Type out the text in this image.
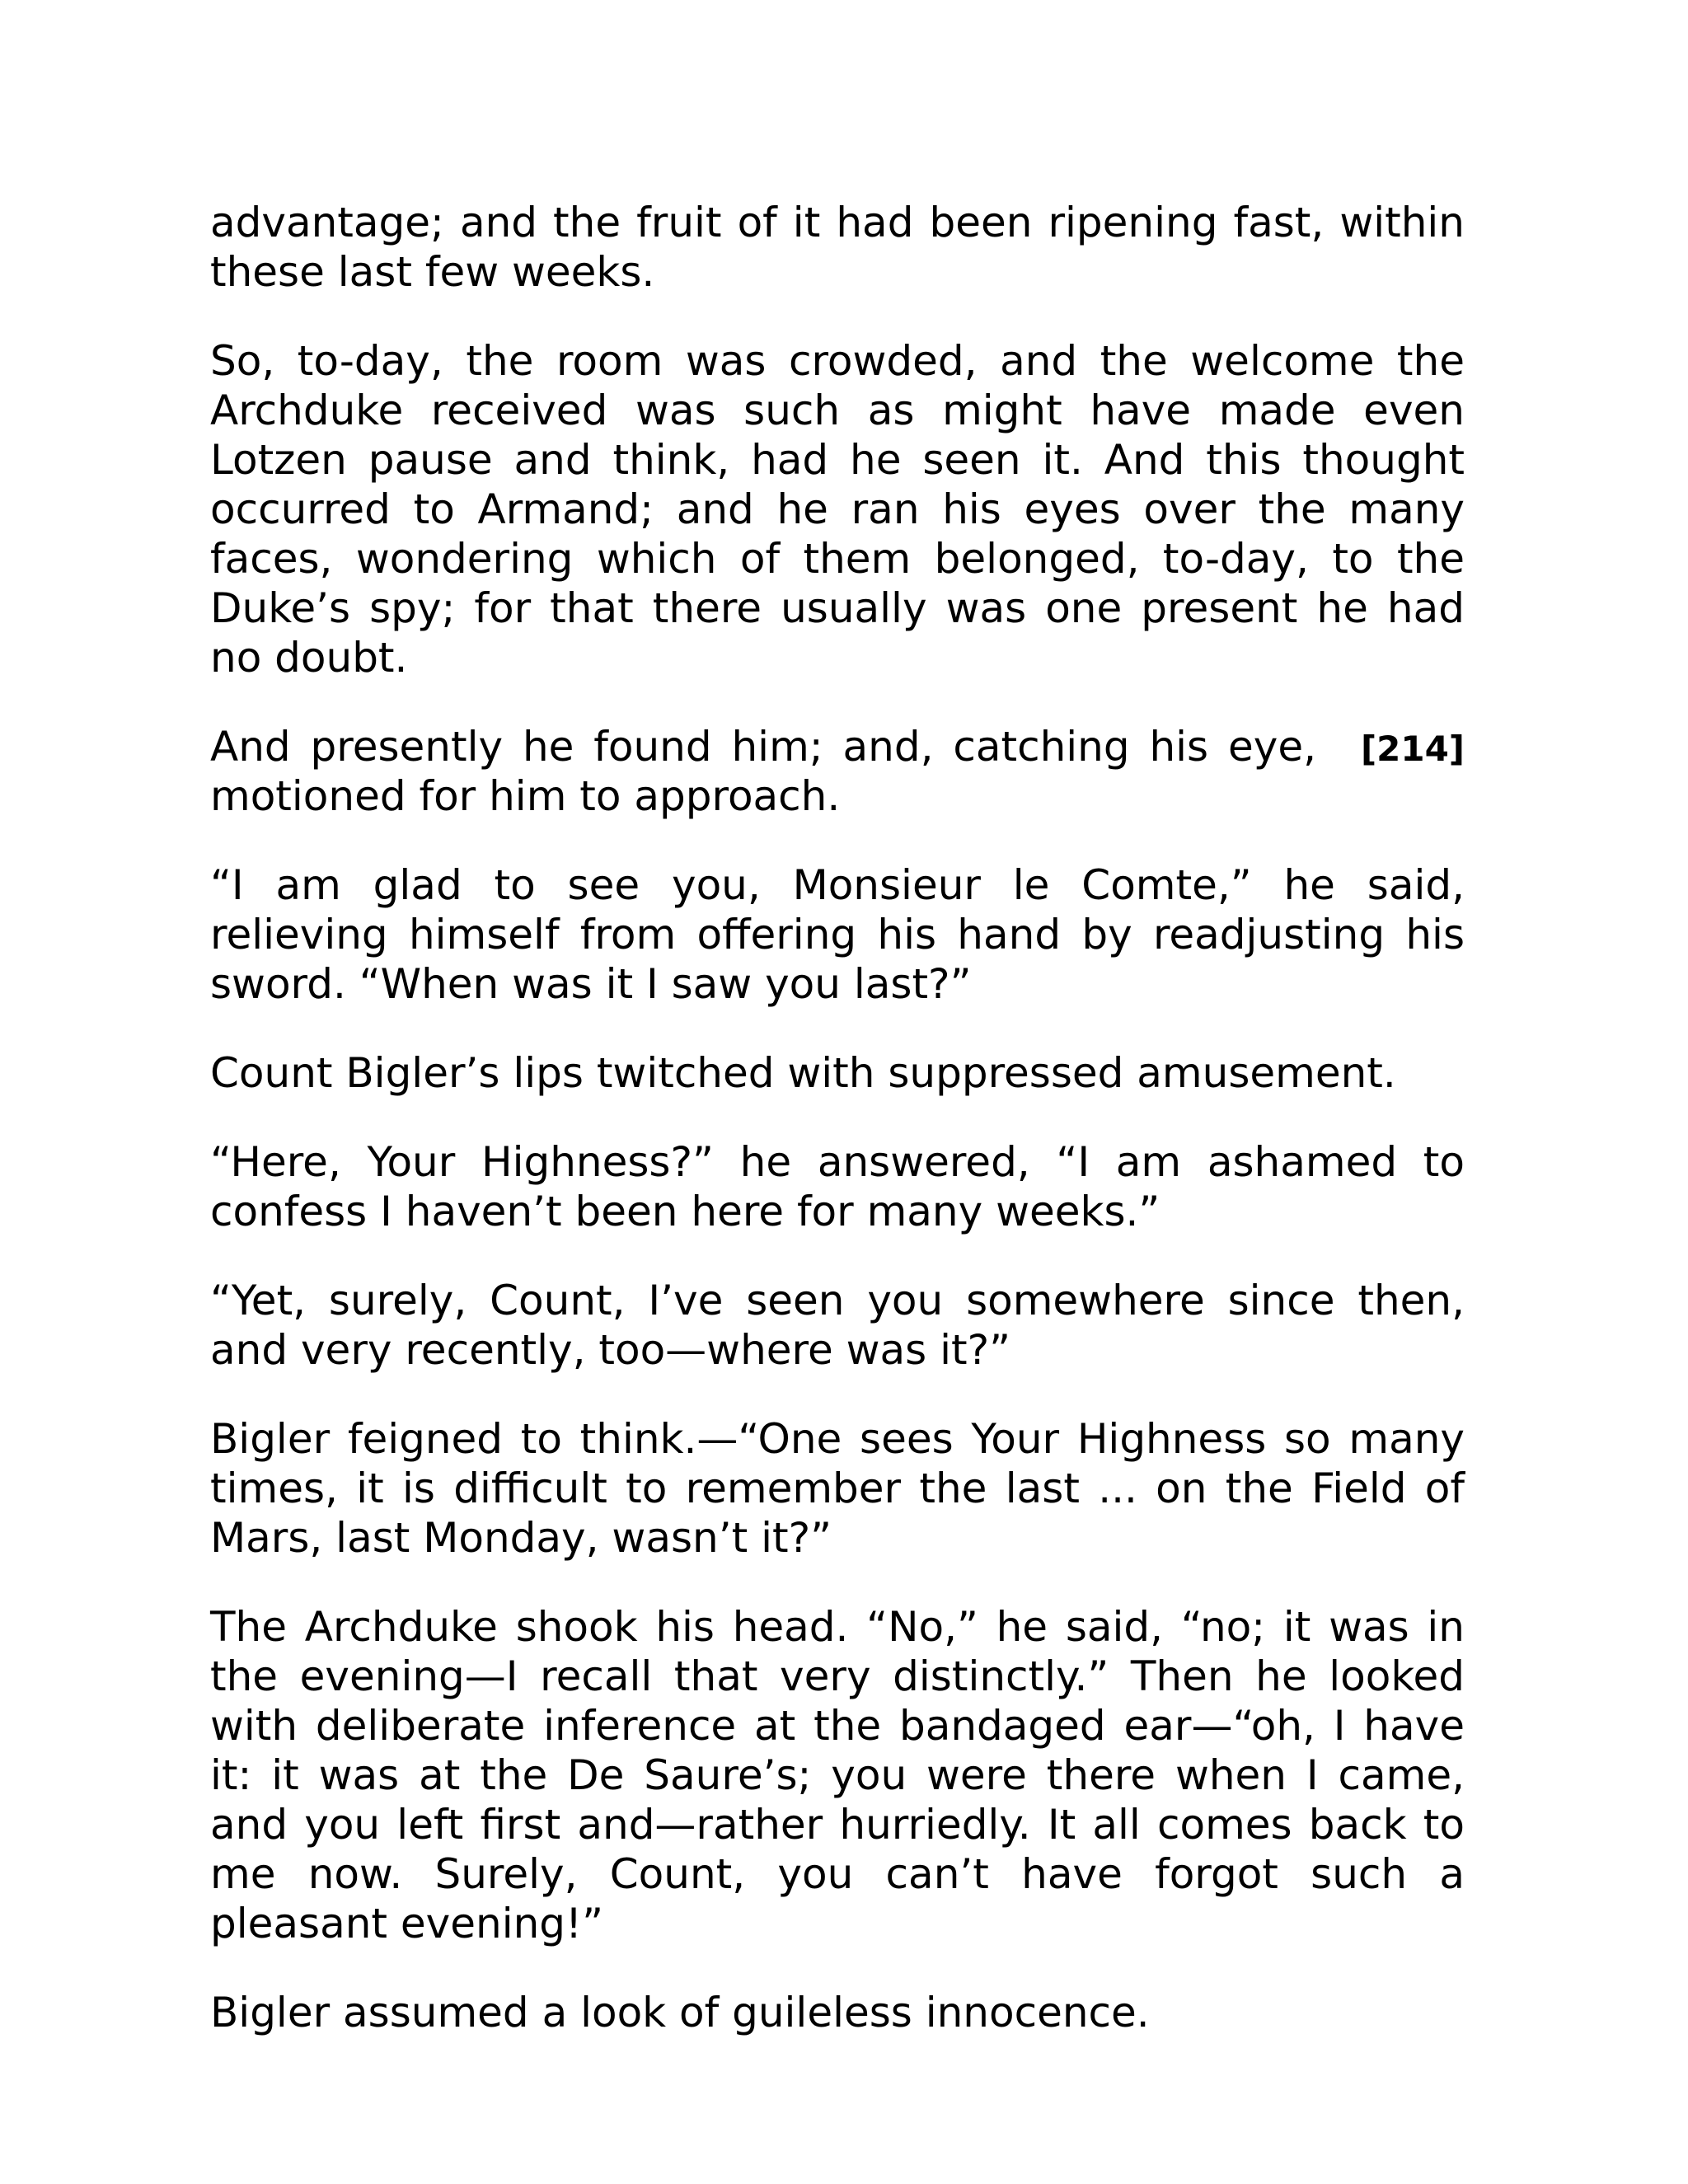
advantage; and the fruit of it had been ripening fast, within these last few weeks.

So, to-day, the room was crowded, and the welcome the Archduke received was such as might have made even Lotzen pause and think, had he seen it. And this thought occurred to Armand; and he ran his eyes over the many faces, wondering which of them belonged, to-day, to the Duke’s spy; for that there usually was one present he had no doubt.

And presently he found him; and, catching his eye, motioned for him to approach.
[214]

“I am glad to see you, Monsieur le Comte,” he said, relieving himself from offering his hand by readjusting his sword. “When was it I saw you last?”

Count Bigler’s lips twitched with suppressed amusement.

“Here, Your Highness?” he answered, “I am ashamed to confess I haven’t been here for many weeks.”

“Yet, surely, Count, I’ve seen you somewhere since then, and very recently, too—where was it?”

Bigler feigned to think.—“One sees Your Highness so many times, it is difficult to remember the last ... on the Field of Mars, last Monday, wasn’t it?”

The Archduke shook his head. “No,” he said, “no; it was in the evening—I recall that very distinctly.” Then he looked with deliberate inference at the bandaged ear—“oh, I have it: it was at the De Saure’s; you were there when I came, and you left first and—rather hurriedly. It all comes back to me now. Surely, Count, you can’t have forgot such a pleasant evening!”

Bigler assumed a look of guileless innocence.
